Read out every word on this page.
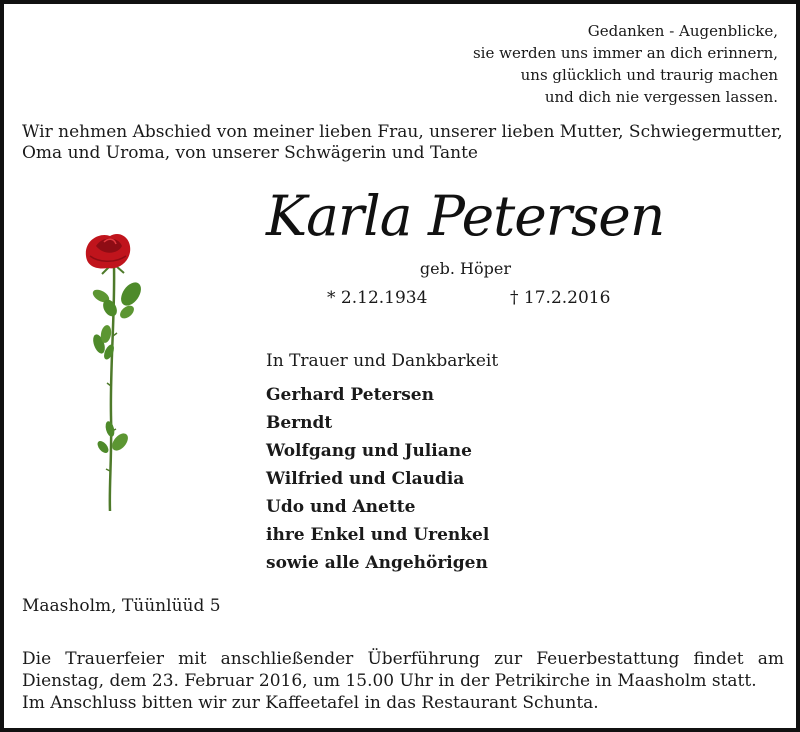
Gedanken - Augenblicke,
sie werden uns immer an dich erinnern,
uns glücklich und traurig machen
und dich nie vergessen lassen.
Wir nehmen Abschied von meiner lieben Frau, unserer lieben Mutter, Schwiegermutter, Oma und Uroma, von unserer Schwägerin und Tante
Karla Petersen
geb. Höper
* 2.12.1934	† 17.2.2016
In Trauer und Dankbarkeit
Gerhard Petersen
Berndt
Wolfgang und Juliane
Wilfried und Claudia
Udo und Anette
ihre Enkel und Urenkel
sowie alle Angehörigen
Maasholm, Tüünlüüd 5

Die Trauerfeier mit anschließender Überführung zur Feuerbestattung findet am Dienstag, dem 23. Februar 2016, um 15.00 Uhr in der Petrikirche in Maasholm statt.

Im Anschluss bitten wir zur Kaffeetafel in das Restaurant Schunta.
